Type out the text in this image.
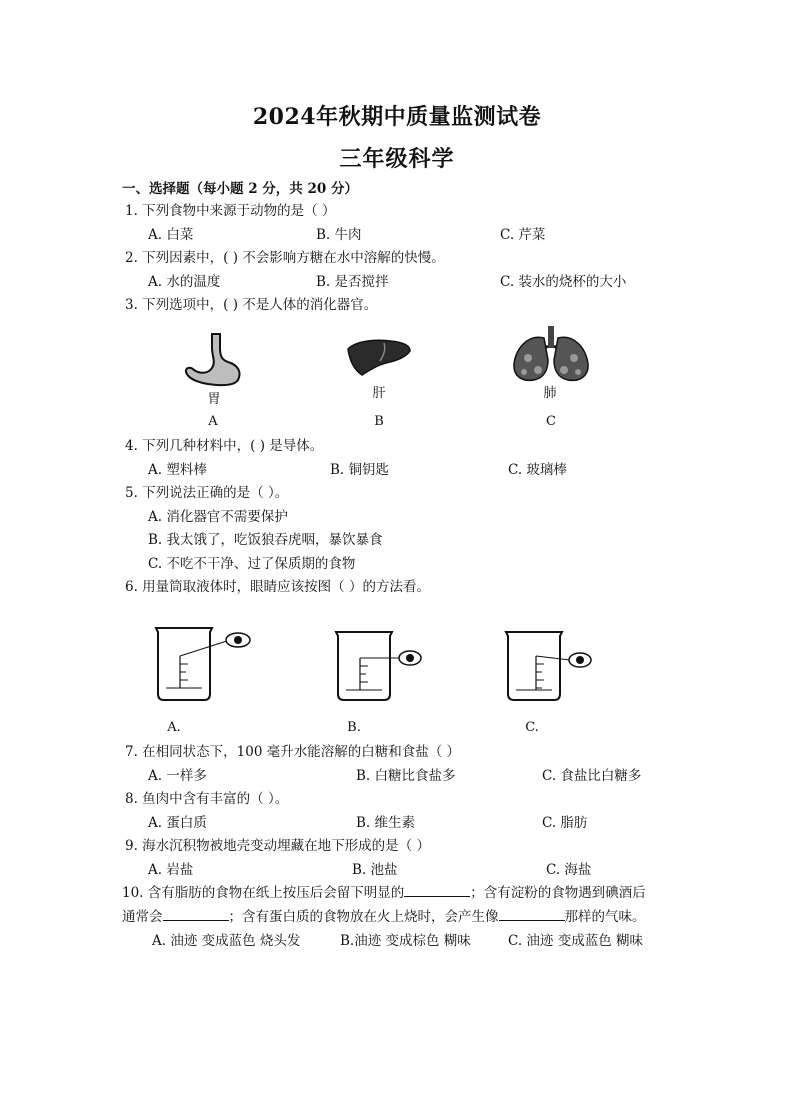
2024年秋期中质量监测试卷
三年级科学
一、选择题（每小题 2 分，共 20 分）
1. 下列食物中来源于动物的是（ ）
A. 白菜	B. 牛肉	C. 芹菜
2. 下列因素中，( ) 不会影响方糖在水中溶解的快慢。
A. 水的温度	B. 是否搅拌	C. 装水的烧杯的大小
3. 下列选项中，( ) 不是人体的消化器官。
胃	肝	肺
A	B	C
4. 下列几种材料中，( ) 是导体。
A. 塑料棒	B. 铜钥匙	C. 玻璃棒
5. 下列说法正确的是（ ）。
A. 消化器官不需要保护
B. 我太饿了，吃饭狼吞虎咽，暴饮暴食
C. 不吃不干净、过了保质期的食物
6. 用量筒取液体时，眼睛应该按图（ ）的方法看。
A.	B.	C.
7. 在相同状态下，100 毫升水能溶解的白糖和食盐（ ）
A. 一样多	B. 白糖比食盐多	C. 食盐比白糖多
8. 鱼肉中含有丰富的（ ）。
A. 蛋白质	B. 维生素	C. 脂肪
9. 海水沉积物被地壳变动埋藏在地下形成的是（ ）
A. 岩盐	B. 池盐	C. 海盐
10. 含有脂肪的食物在纸上按压后会留下明显的	；含有淀粉的食物遇到碘酒后
通常会	；含有蛋白质的食物放在火上烧时，会产生像	那样的气味。
A. 油迹 变成蓝色 烧头发	B.油迹 变成棕色 糊味	C. 油迹 变成蓝色 糊味
